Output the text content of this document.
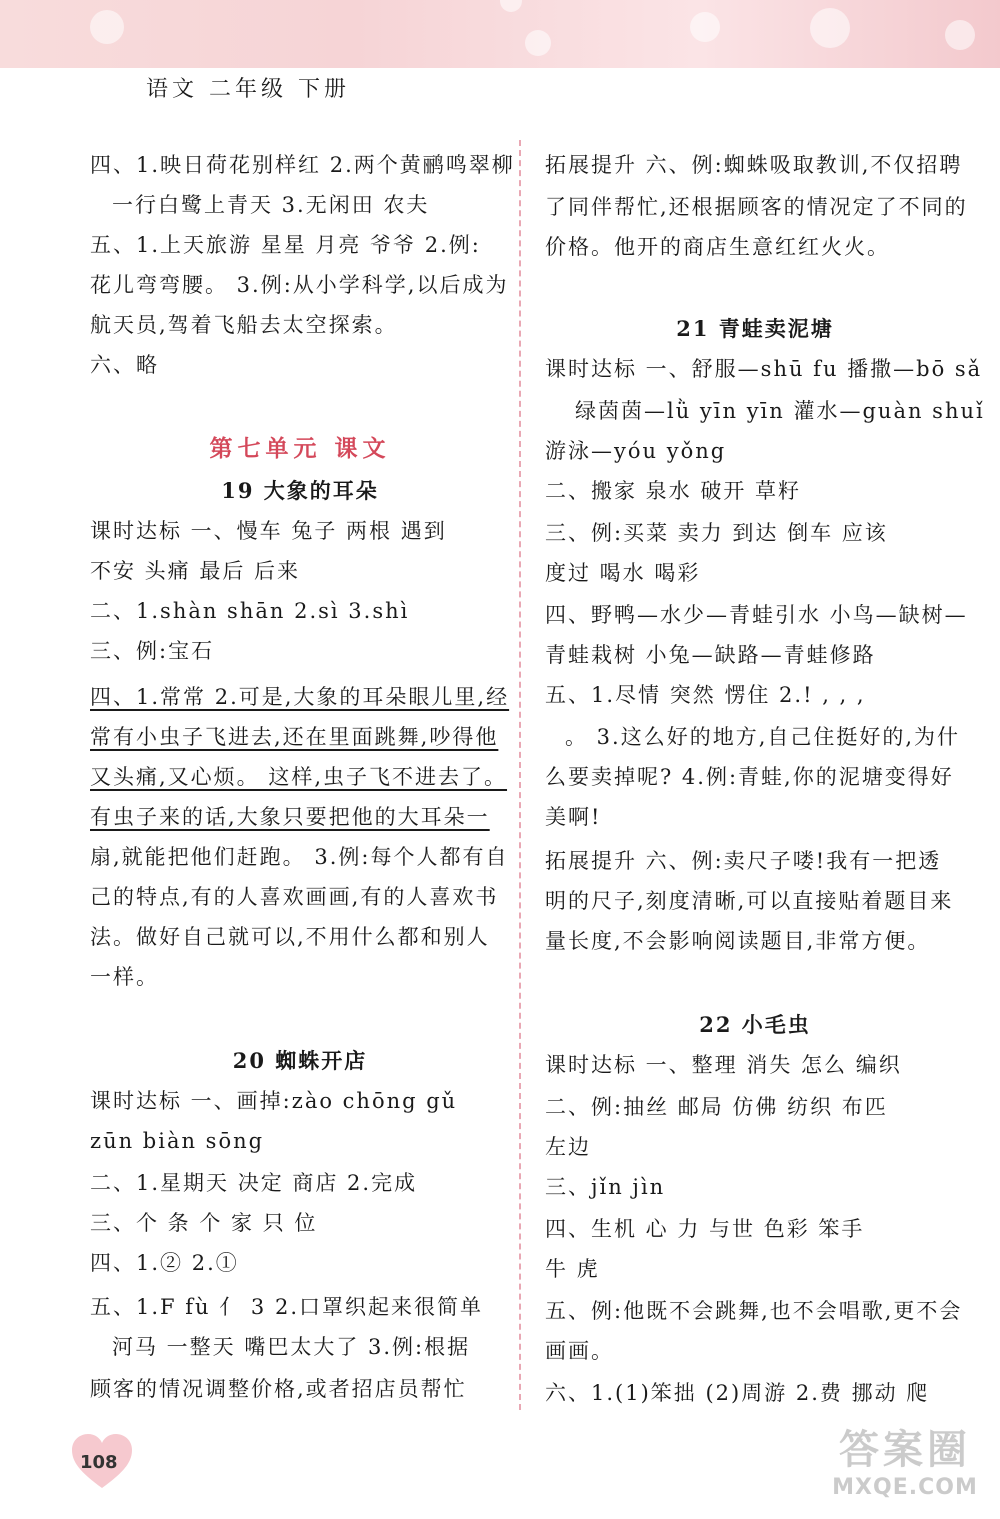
语文 二年级 下册
四、1.映日荷花别样红 2.两个黄鹂鸣翠柳
一行白鹭上青天 3.无闲田 农夫
五、1.上天旅游 星星 月亮 爷爷 2.例:
花儿弯弯腰。 3.例:从小学科学,以后成为
航天员,驾着飞船去太空探索。
六、略
第七单元 课文
19 大象的耳朵
课时达标 一、慢车 兔子 两根 遇到
不安 头痛 最后 后来
二、1.shàn shān 2.sì 3.shì
三、例:宝石
四、1.常常 2.可是,大象的耳朵眼儿里,经
常有小虫子飞进去,还在里面跳舞,吵得他
又头痛,又心烦。 这样,虫子飞不进去了。
有虫子来的话,大象只要把他的大耳朵一
扇,就能把他们赶跑。 3.例:每个人都有自
己的特点,有的人喜欢画画,有的人喜欢书
法。做好自己就可以,不用什么都和别人
一样。
20 蜘蛛开店
课时达标 一、画掉:zào chōng gǔ
zūn biàn sōng
二、1.星期天 决定 商店 2.完成
三、个 条 个 家 只 位
四、1.② 2.①
五、1.F fù 亻 3 2.口罩织起来很简单
河马 一整天 嘴巴太大了 3.例:根据
顾客的情况调整价格,或者招店员帮忙
拓展提升 六、例:蜘蛛吸取教训,不仅招聘
了同伴帮忙,还根据顾客的情况定了不同的
价格。他开的商店生意红红火火。
21 青蛙卖泥塘
课时达标 一、舒服—shū fu 播撒—bō sǎ
绿茵茵—lǜ yīn yīn 灌水—guàn shuǐ
游泳—yóu yǒng
二、搬家 泉水 破开 草籽
三、例:买菜 卖力 到达 倒车 应该
度过 喝水 喝彩
四、野鸭—水少—青蛙引水 小鸟—缺树—
青蛙栽树 小兔—缺路—青蛙修路
五、1.尽情 突然 愣住 2.! , , ,
。 3.这么好的地方,自己住挺好的,为什
么要卖掉呢? 4.例:青蛙,你的泥塘变得好
美啊!
拓展提升 六、例:卖尺子喽!我有一把透
明的尺子,刻度清晰,可以直接贴着题目来
量长度,不会影响阅读题目,非常方便。
22 小毛虫
课时达标 一、整理 消失 怎么 编织
二、例:抽丝 邮局 仿佛 纺织 布匹
左边
三、jǐn jìn
四、生机 心 力 与世 色彩 笨手
牛 虎
五、例:他既不会跳舞,也不会唱歌,更不会
画画。
六、1.(1)笨拙 (2)周游 2.费 挪动 爬
108	答案圈
MXQE.COM
